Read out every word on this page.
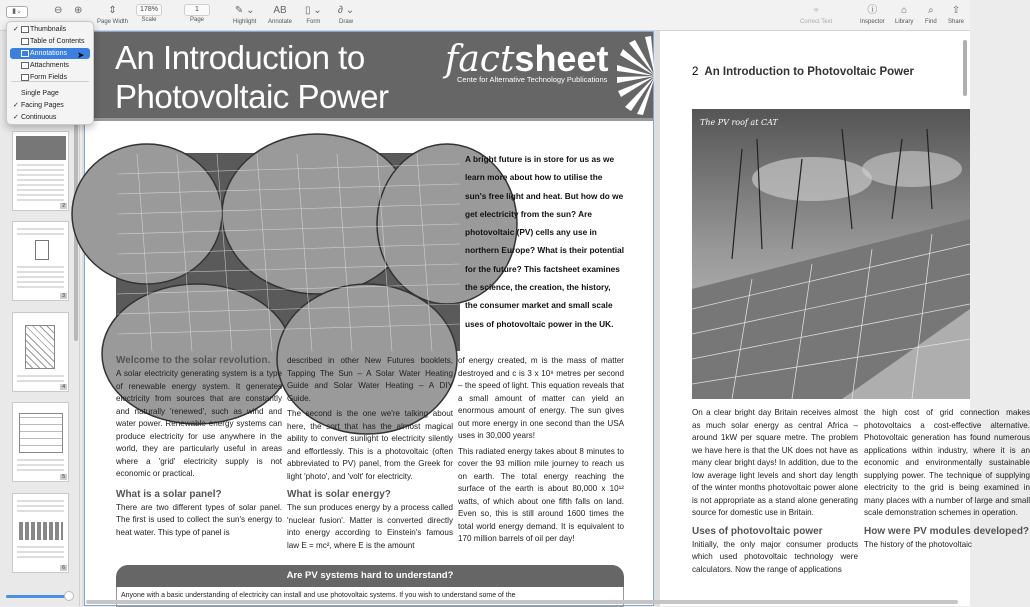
▮⌄	⊖ ⊕	⇕
Page Width
178%
Scale
1
Page
✎ ⌄
Highlight
AB
Annotate
▯ ⌄
Form
∂ ⌄
Draw
⌖
Correct Text
ⓘ
Inspector
⌂
Library
⌕
Find
⇧
Share
2
3
4
5
6
An Introduction to
Photovoltaic Power
factsheet
Cente for Alternative Technology Publications
A bright future is in store for us as we learn more about how to utilise the sun's free light and heat. But how do we get electricity from the sun? Are photovoltaic (PV) cells any use in northern Europe? What is their potential for the future? This factsheet examines the science, the creation, the history, the consumer market and small scale uses of photovoltaic power in the UK.
Welcome to the solar revolution.

A solar electricity generating system is a type of renewable energy system. It generates electricity from sources that are constantly and naturally 'renewed', such as wind and water power. Renewable energy systems can produce electricity for use anywhere in the world, they are particularly useful in areas where a 'grid' electricity supply is not economic or practical.

What is a solar panel?

There are two different types of solar panel. The first is used to collect the sun's energy to heat water. This type of panel is

described in other New Futures booklets, Tapping The Sun – A Solar Water Heating Guide and Solar Water Heating – A DIY Guide.

The second is the one we're talking about here, the sort that has the almost magical ability to convert sunlight to electricity silently and effortlessly. This is a photovoltaic (often abbreviated to PV) panel, from the Greek for light 'photo', and 'volt' for electricity.

What is solar energy?

The sun produces energy by a process called 'nuclear fusion'. Matter is converted directly into energy according to Einstein's famous law E = mc², where E is the amount

of energy created, m is the mass of matter destroyed and c is 3 x 10⁸ metres per second – the speed of light. This equation reveals that a small amount of matter can yield an enormous amount of energy. The sun gives out more energy in one second than the USA uses in 30,000 years!

This radiated energy takes about 8 minutes to cover the 93 million mile journey to reach us on earth. The total energy reaching the surface of the earth is about 80,000 x 10¹² watts, of which about one fifth falls on land. Even so, this is still around 1600 times the total world energy demand. It is equivalent to 170 million barrels of oil per day!

Are PV systems hard to understand?
Anyone with a basic understanding of electricity can install and use photovoltaic systems. If you wish to understand some of the
2 An Introduction to Photovoltaic Power
The PV roof at CAT

On a clear bright day Britain receives almost as much solar energy as central Africa – around 1kW per square metre. The problem we have here is that the UK does not have as many clear bright days! In addition, due to the low average light levels and short day length of the winter months photovoltaic power alone is not appropriate as a stand alone generating source for domestic use in Britain.

Uses of photovoltaic power

Initially, the only major consumer products which used photovoltaic technology were calculators. Now the range of applications

the high cost of grid connection makes photovoltaics a cost-effective alternative. Photovoltaic generation has found numerous applications within industry, where it is an economic and environmentally sustainable supplying power. The technique of supplying electricity to the grid is being examined in many places with a number of large and small scale demonstration schemes in operation.

How were PV modules developed?

The history of the photovoltaic

✓ Thumbnails
Table of Contents
Annotations
Attachments
Form Fields
Single Page
✓ Facing Pages
✓ Continuous
➤
